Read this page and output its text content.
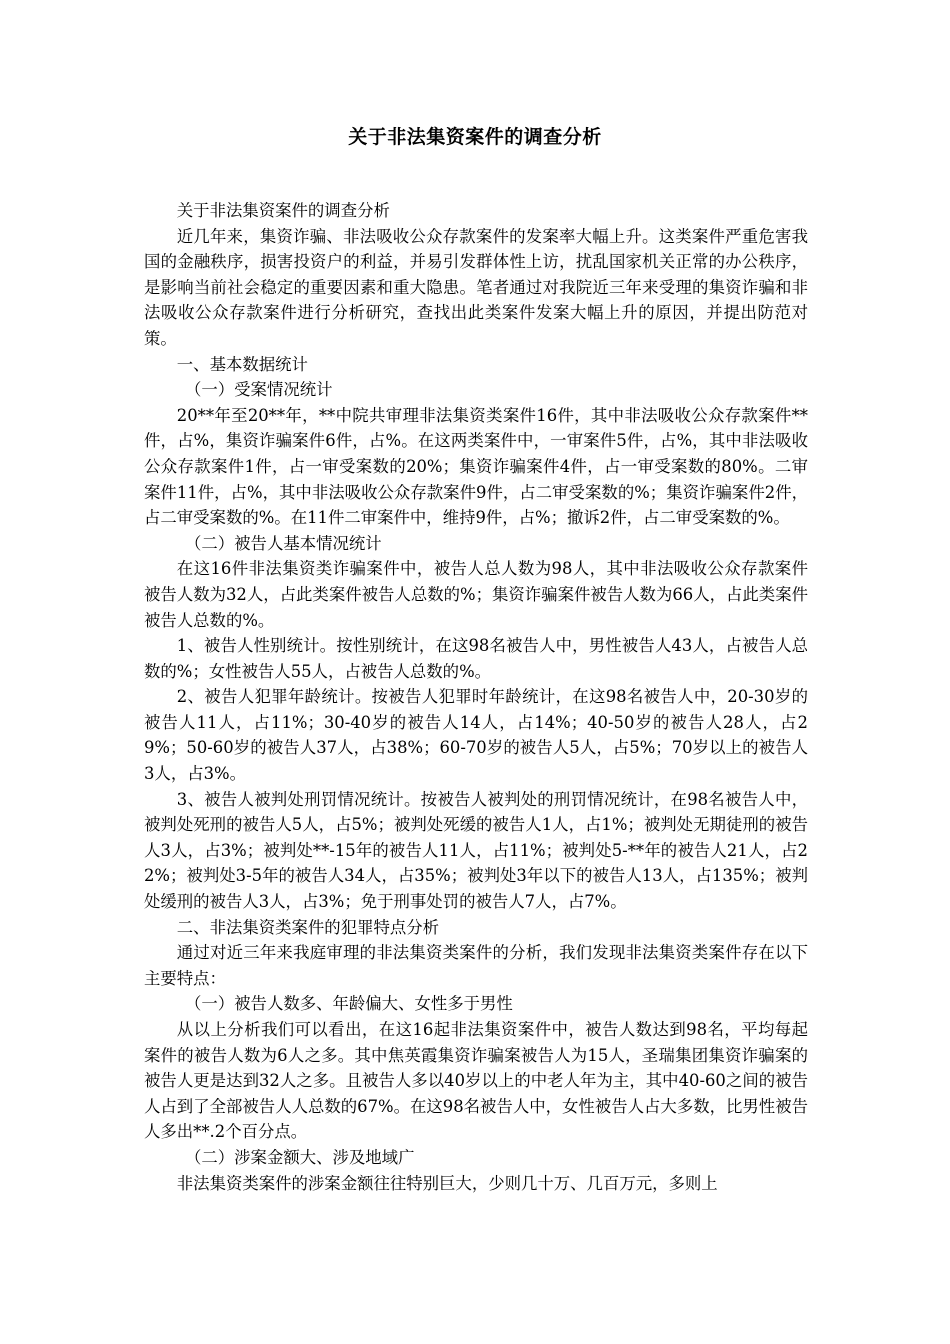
关于非法集资案件的调查分析

关于非法集资案件的调查分析

近几年来，集资诈骗、非法吸收公众存款案件的发案率大幅上升。这类案件严重危害我国的金融秩序，损害投资户的利益，并易引发群体性上访，扰乱国家机关正常的办公秩序，是影响当前社会稳定的重要因素和重大隐患。笔者通过对我院近三年来受理的集资诈骗和非法吸收公众存款案件进行分析研究，查找出此类案件发案大幅上升的原因，并提出防范对策。

一、基本数据统计

（一）受案情况统计

20**年至20**年，**中院共审理非法集资类案件16件，其中非法吸收公众存款案件**件，占%，集资诈骗案件6件，占%。在这两类案件中，一审案件5件，占%，其中非法吸收公众存款案件1件，占一审受案数的20%；集资诈骗案件4件，占一审受案数的80%。二审案件11件，占%，其中非法吸收公众存款案件9件，占二审受案数的%；集资诈骗案件2件，占二审受案数的%。在11件二审案件中，维持9件，占%；撤诉2件，占二审受案数的%。

（二）被告人基本情况统计

在这16件非法集资类诈骗案件中，被告人总人数为98人，其中非法吸收公众存款案件被告人数为32人，占此类案件被告人总数的%；集资诈骗案件被告人数为66人，占此类案件被告人总数的%。

1、被告人性别统计。按性别统计，在这98名被告人中，男性被告人43人，占被告人总数的%；女性被告人55人，占被告人总数的%。

2、被告人犯罪年龄统计。按被告人犯罪时年龄统计，在这98名被告人中，20-30岁的被告人11人，占11%；30-40岁的被告人14人，占14%；40-50岁的被告人28人，占29%；50-60岁的被告人37人，占38%；60-70岁的被告人5人，占5%；70岁以上的被告人3人，占3%。

3、被告人被判处刑罚情况统计。按被告人被判处的刑罚情况统计，在98名被告人中，被判处死刑的被告人5人，占5%；被判处死缓的被告人1人，占1%；被判处无期徒刑的被告人3人，占3%；被判处**-15年的被告人11人，占11%；被判处5-**年的被告人21人，占22%；被判处3-5年的被告人34人，占35%；被判处3年以下的被告人13人，占135%；被判处缓刑的被告人3人，占3%；免于刑事处罚的被告人7人，占7%。

二、非法集资类案件的犯罪特点分析

通过对近三年来我庭审理的非法集资类案件的分析，我们发现非法集资类案件存在以下主要特点：

（一）被告人数多、年龄偏大、女性多于男性

从以上分析我们可以看出，在这16起非法集资案件中，被告人数达到98名，平均每起案件的被告人数为6人之多。其中焦英霞集资诈骗案被告人为15人，圣瑞集团集资诈骗案的被告人更是达到32人之多。且被告人多以40岁以上的中老人年为主，其中40-60之间的被告人占到了全部被告人人总数的67%。在这98名被告人中，女性被告人占大多数，比男性被告人多出**.2个百分点。

（二）涉案金额大、涉及地域广

非法集资类案件的涉案金额往往特别巨大，少则几十万、几百万元，多则上
